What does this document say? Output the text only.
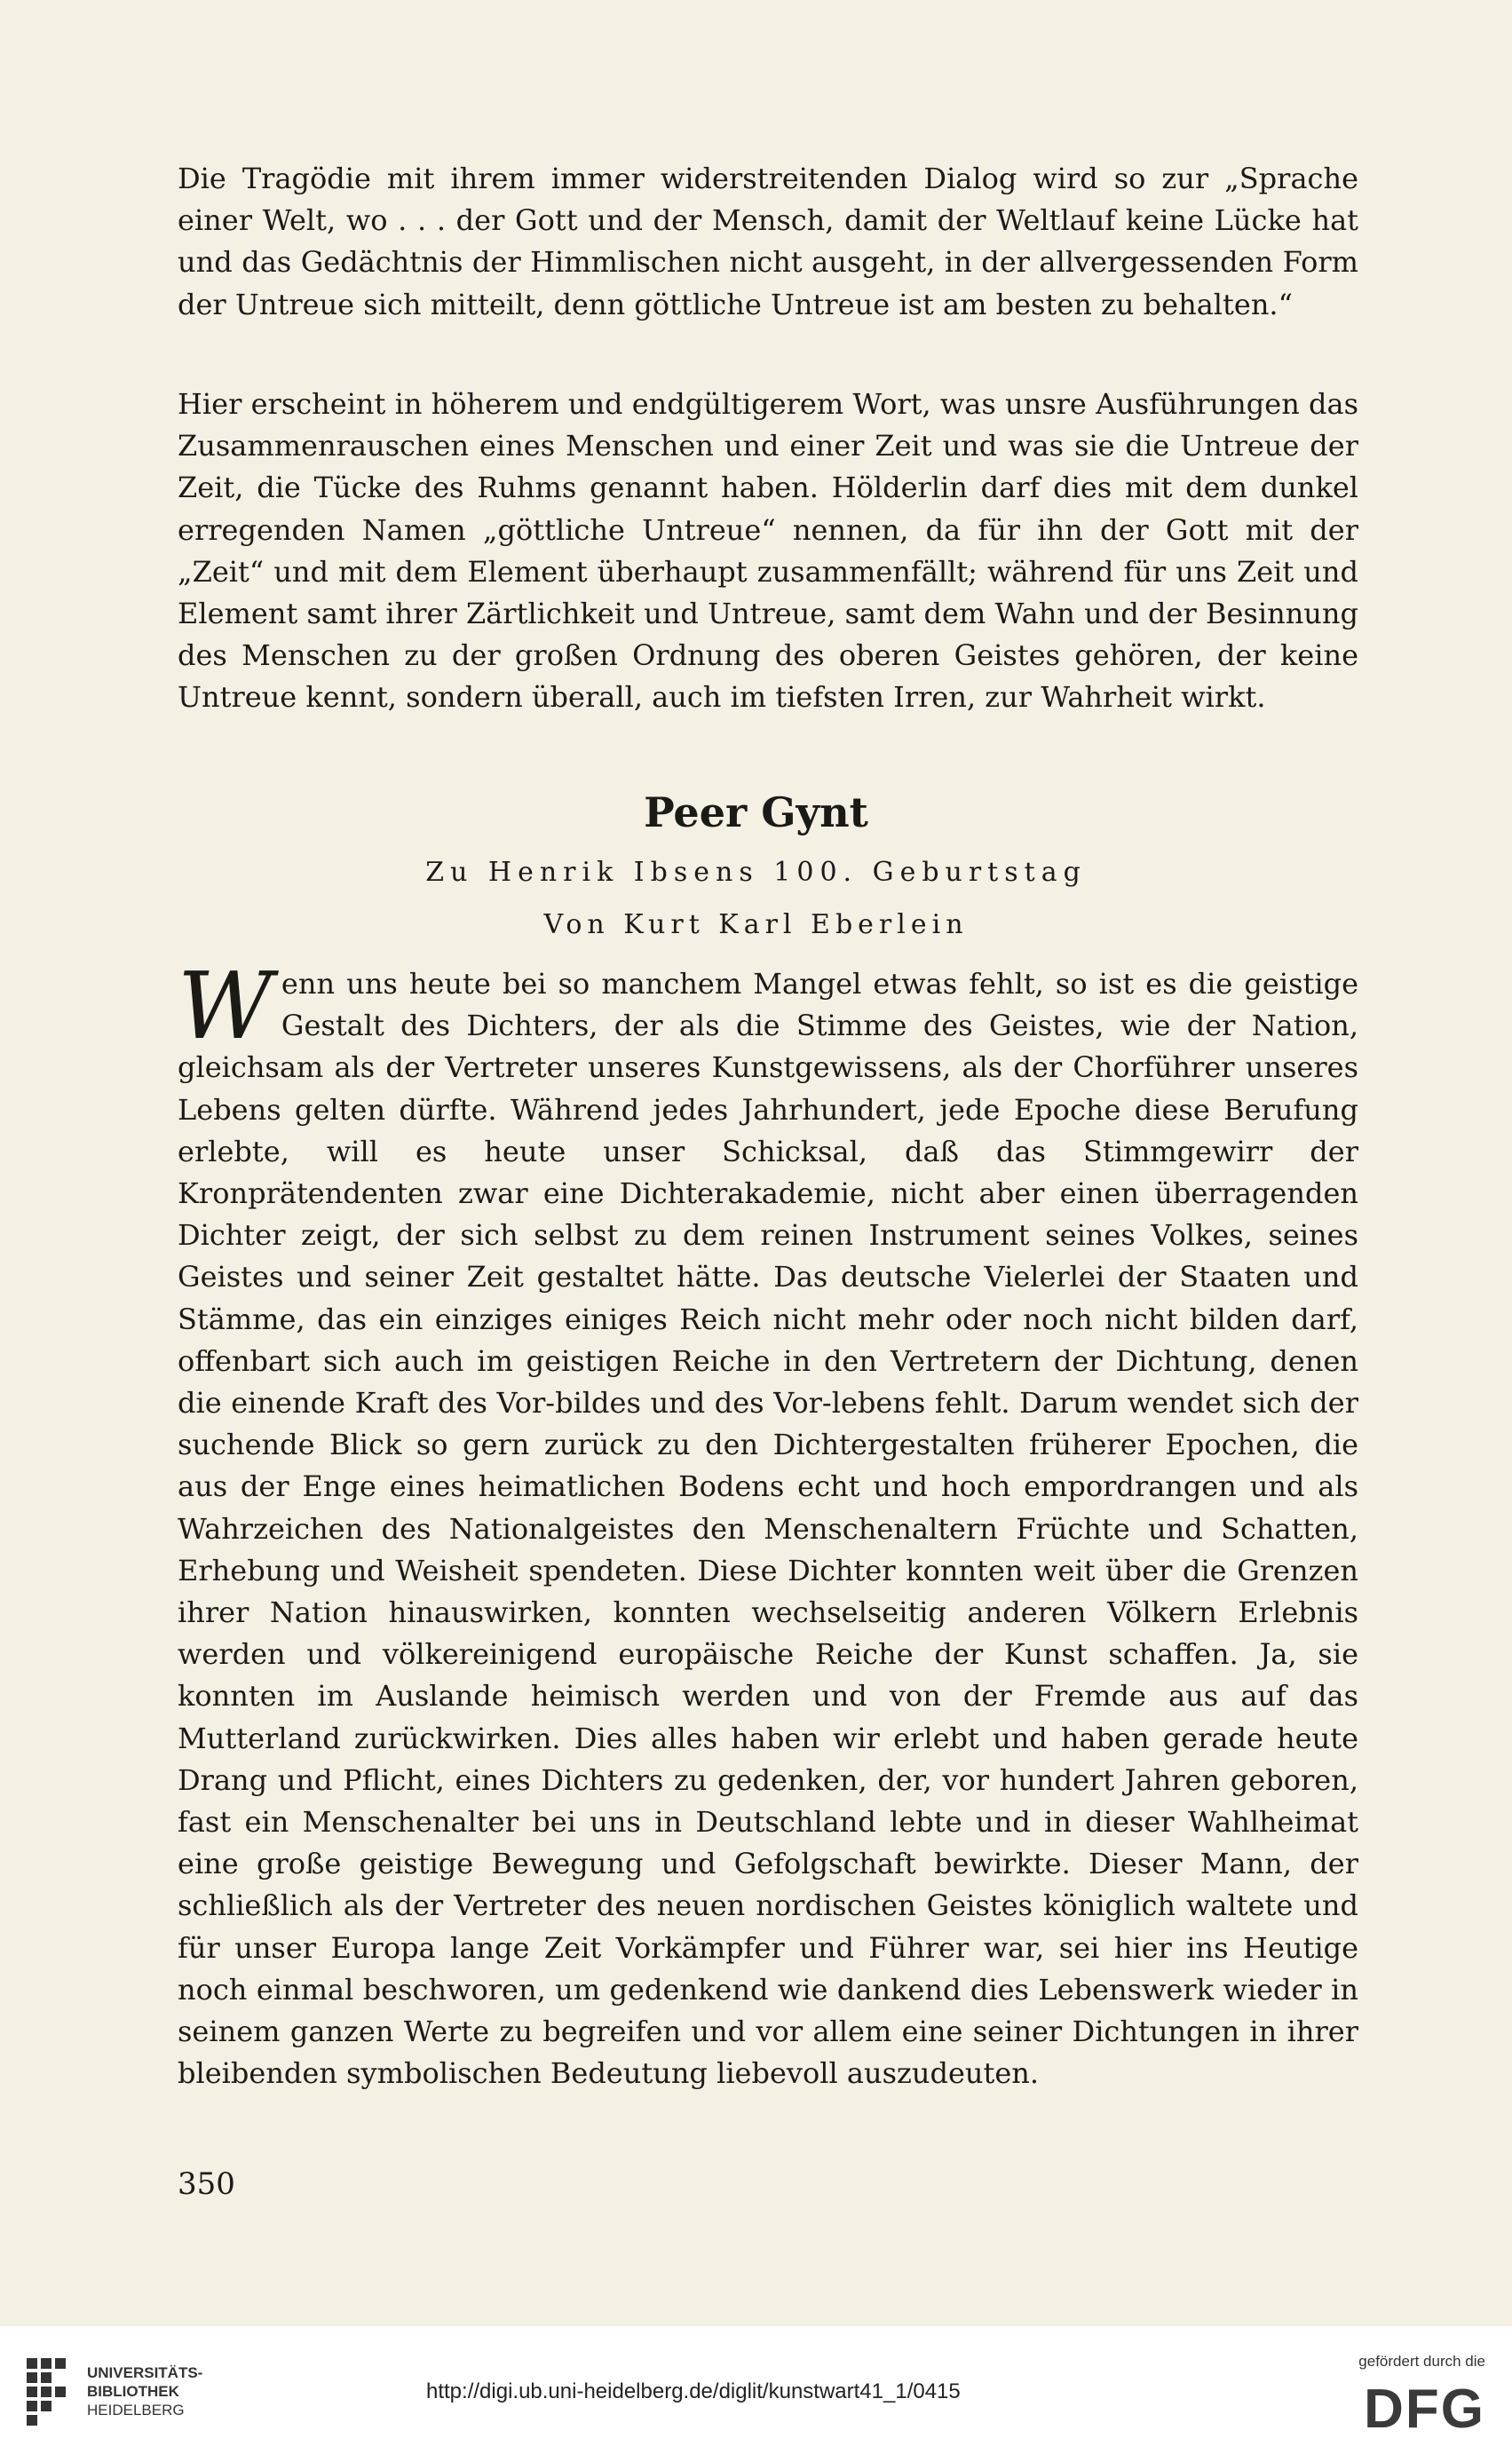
Die Tragödie mit ihrem immer widerstreitenden Dialog wird so zur „Sprache einer Welt, wo . . . der Gott und der Mensch, damit der Weltlauf keine Lücke hat und das Gedächtnis der Himmlischen nicht ausgeht, in der allvergessenden Form der Untreue sich mitteilt, denn göttliche Untreue ist am besten zu behalten.“

Hier erscheint in höherem und endgültigerem Wort, was unsre Ausführungen das Zusammenrauschen eines Menschen und einer Zeit und was sie die Untreue der Zeit, die Tücke des Ruhms genannt haben. Hölderlin darf dies mit dem dunkel erregenden Namen „göttliche Untreue“ nennen, da für ihn der Gott mit der „Zeit“ und mit dem Element überhaupt zusammenfällt; während für uns Zeit und Element samt ihrer Zärtlichkeit und Untreue, samt dem Wahn und der Besinnung des Menschen zu der großen Ordnung des oberen Geistes gehören, der keine Untreue kennt, sondern überall, auch im tiefsten Irren, zur Wahrheit wirkt.

Peer Gynt
Zu Henrik Ibsens 100. Geburtstag
Von Kurt Karl Eberlein

Wenn uns heute bei so manchem Mangel etwas fehlt, so ist es die geistige Gestalt des Dichters, der als die Stimme des Geistes, wie der Nation, gleichsam als der Vertreter unseres Kunstgewissens, als der Chorführer unseres Lebens gelten dürfte. Während jedes Jahrhundert, jede Epoche diese Berufung erlebte, will es heute unser Schicksal, daß das Stimmgewirr der Kronprätendenten zwar eine Dichterakademie, nicht aber einen überragenden Dichter zeigt, der sich selbst zu dem reinen Instrument seines Volkes, seines Geistes und seiner Zeit gestaltet hätte. Das deutsche Vielerlei der Staaten und Stämme, das ein einziges einiges Reich nicht mehr oder noch nicht bilden darf, offenbart sich auch im geistigen Reiche in den Vertretern der Dichtung, denen die einende Kraft des Vor-bildes und des Vor-lebens fehlt. Darum wendet sich der suchende Blick so gern zurück zu den Dichtergestalten früherer Epochen, die aus der Enge eines heimatlichen Bodens echt und hoch empordrangen und als Wahrzeichen des Nationalgeistes den Menschenaltern Früchte und Schatten, Erhebung und Weisheit spendeten. Diese Dichter konnten weit über die Grenzen ihrer Nation hinauswirken, konnten wechselseitig anderen Völkern Erlebnis werden und völkereinigend europäische Reiche der Kunst schaffen. Ja, sie konnten im Auslande heimisch werden und von der Fremde aus auf das Mutterland zurückwirken. Dies alles haben wir erlebt und haben gerade heute Drang und Pflicht, eines Dichters zu gedenken, der, vor hundert Jahren geboren, fast ein Menschenalter bei uns in Deutschland lebte und in dieser Wahlheimat eine große geistige Bewegung und Gefolgschaft bewirkte. Dieser Mann, der schließlich als der Vertreter des neuen nordischen Geistes königlich waltete und für unser Europa lange Zeit Vorkämpfer und Führer war, sei hier ins Heutige noch einmal beschworen, um gedenkend wie dankend dies Lebenswerk wieder in seinem ganzen Werte zu begreifen und vor allem eine seiner Dichtungen in ihrer bleibenden symbolischen Bedeutung liebevoll auszudeuten.

350
UNIVERSITÄTS-
BIBLIOTHEK
HEIDELBERG
http://digi.ub.uni-heidelberg.de/diglit/kunstwart41_1/0415
gefördert durch die
DFG
